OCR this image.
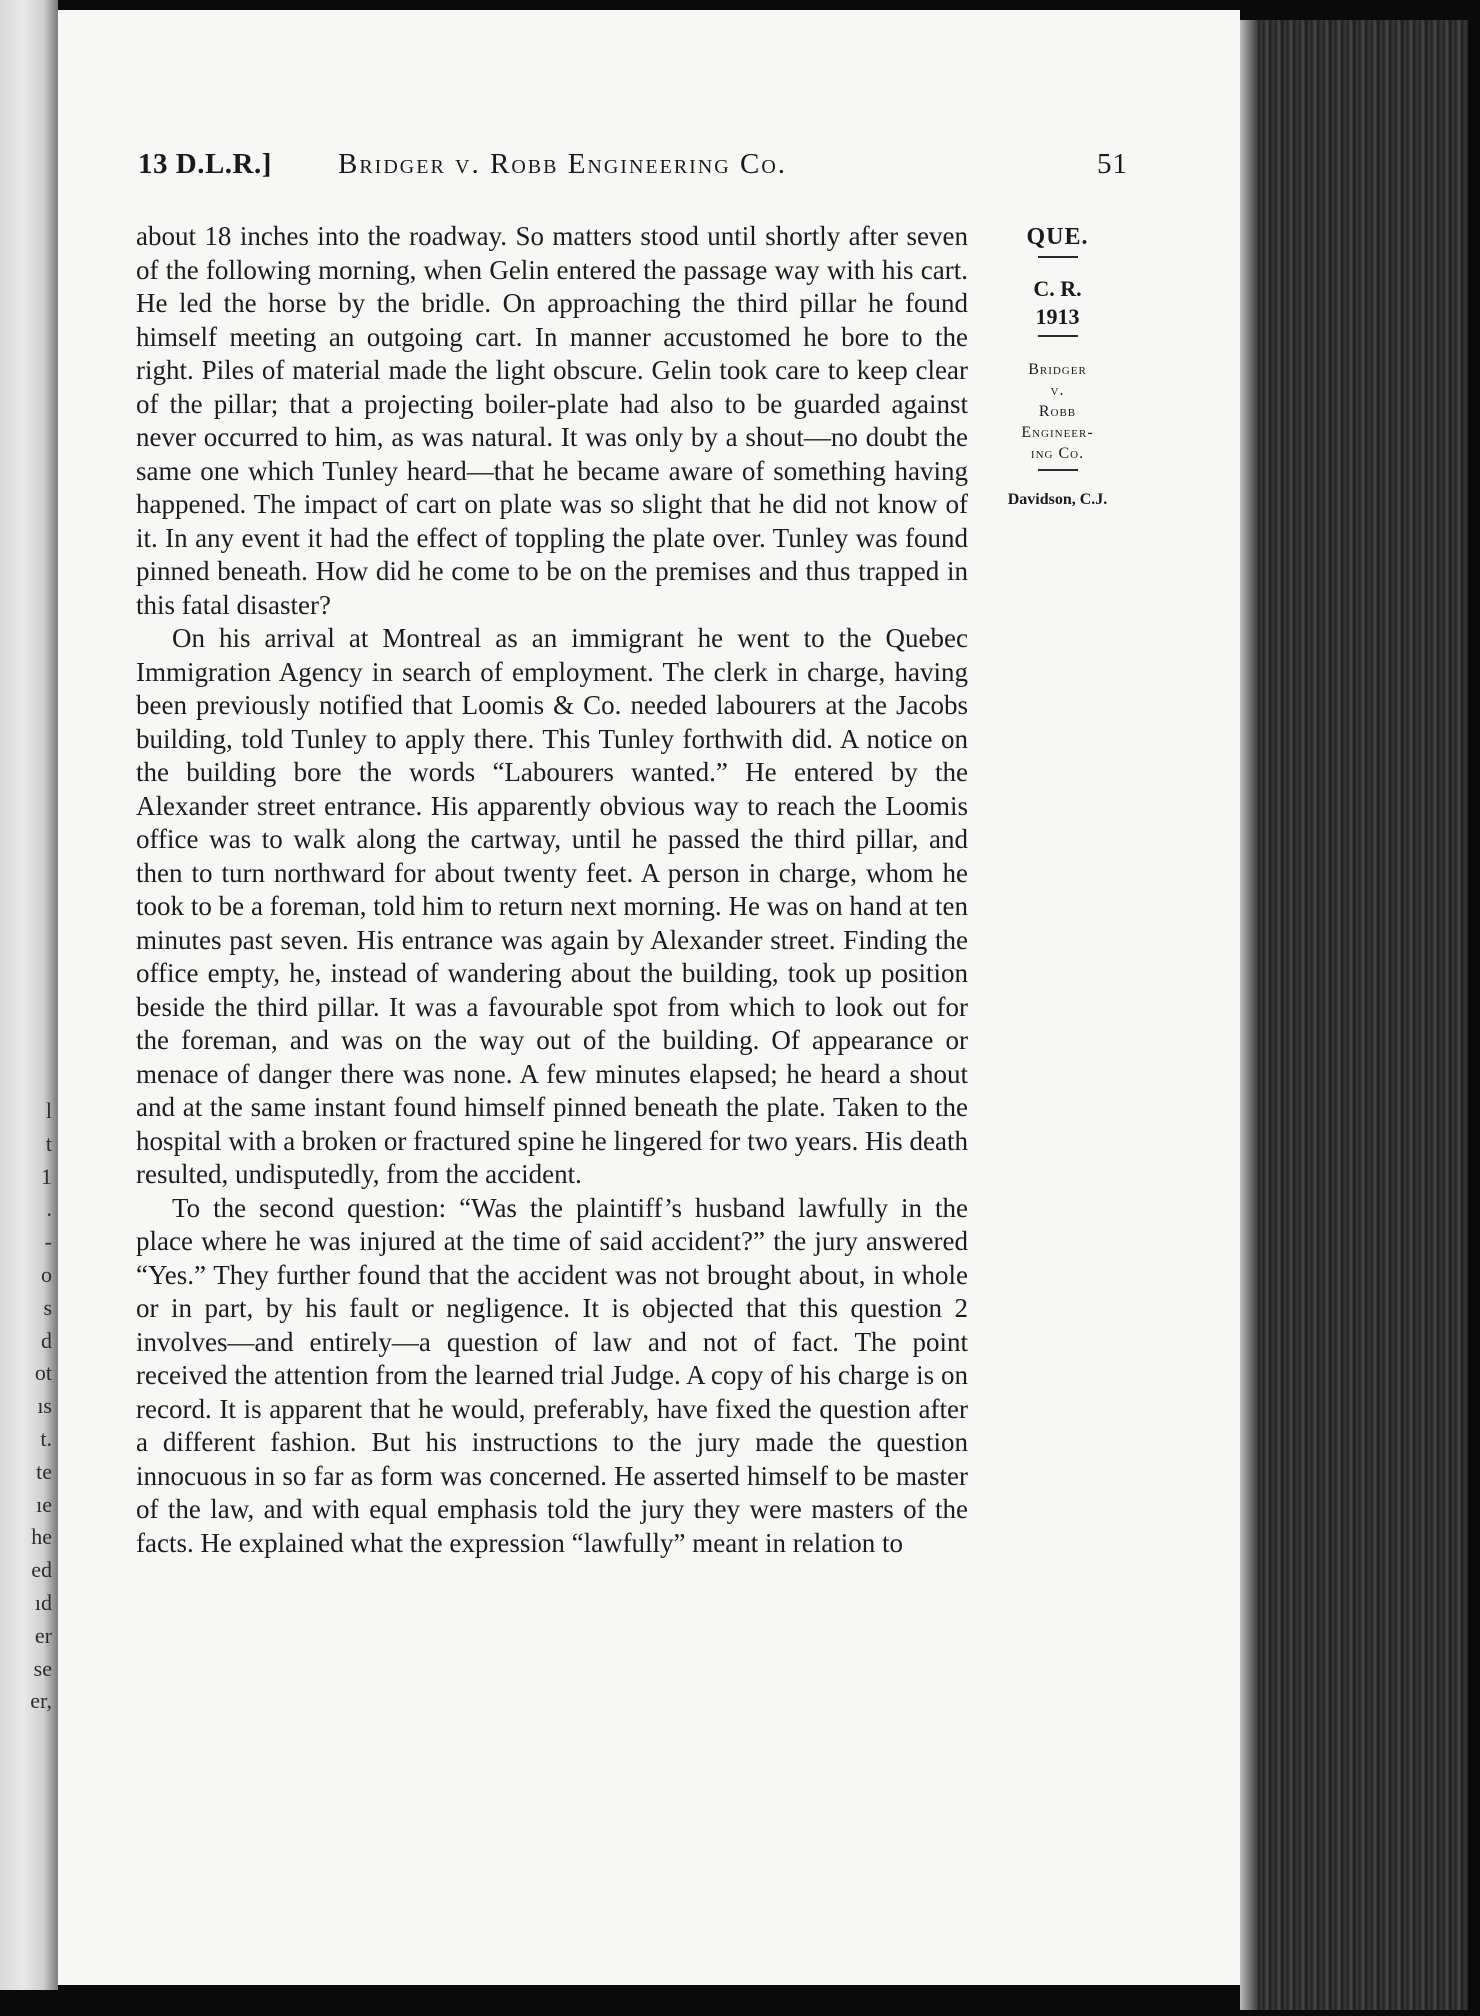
l
t
1
.
-
o
s
d
ot
ıs
t.
te
ıe
he
ed
ıd
er
se
er,
13 D.L.R.] Bridger v. Robb Engineering Co.	51

about 18 inches into the roadway. So matters stood until shortly after seven of the following morning, when Gelin entered the passage way with his cart. He led the horse by the bridle. On approaching the third pillar he found himself meeting an outgoing cart. In manner accustomed he bore to the right. Piles of material made the light obscure. Gelin took care to keep clear of the pillar; that a projecting boiler-plate had also to be guarded against never occurred to him, as was natural. It was only by a shout—no doubt the same one which Tunley heard—that he became aware of something having happened. The impact of cart on plate was so slight that he did not know of it. In any event it had the effect of toppling the plate over. Tunley was found pinned beneath. How did he come to be on the premises and thus trapped in this fatal disaster?

On his arrival at Montreal as an immigrant he went to the Quebec Immigration Agency in search of employment. The clerk in charge, having been previously notified that Loomis & Co. needed labourers at the Jacobs building, told Tunley to apply there. This Tunley forthwith did. A notice on the building bore the words “Labourers wanted.” He entered by the Alexander street entrance. His apparently obvious way to reach the Loomis office was to walk along the cartway, until he passed the third pillar, and then to turn northward for about twenty feet. A person in charge, whom he took to be a foreman, told him to return next morning. He was on hand at ten minutes past seven. His entrance was again by Alexander street. Finding the office empty, he, instead of wandering about the building, took up position beside the third pillar. It was a favourable spot from which to look out for the foreman, and was on the way out of the building. Of appearance or menace of danger there was none. A few minutes elapsed; he heard a shout and at the same instant found himself pinned beneath the plate. Taken to the hospital with a broken or fractured spine he lingered for two years. His death resulted, undisputedly, from the accident.

To the second question: “Was the plaintiff’s husband lawfully in the place where he was injured at the time of said accident?” the jury answered “Yes.” They further found that the accident was not brought about, in whole or in part, by his fault or negligence. It is objected that this question 2 involves—and entirely—a question of law and not of fact. The point received the attention from the learned trial Judge. A copy of his charge is on record. It is apparent that he would, preferably, have fixed the question after a different fashion. But his instructions to the jury made the question innocuous in so far as form was concerned. He asserted himself to be master of the law, and with equal emphasis told the jury they were masters of the facts. He explained what the expression “lawfully” meant in relation to

QUE.
C. R.
1913
Bridger
v.
Robb
Engineer-
ing Co.
Davidson, C.J.
